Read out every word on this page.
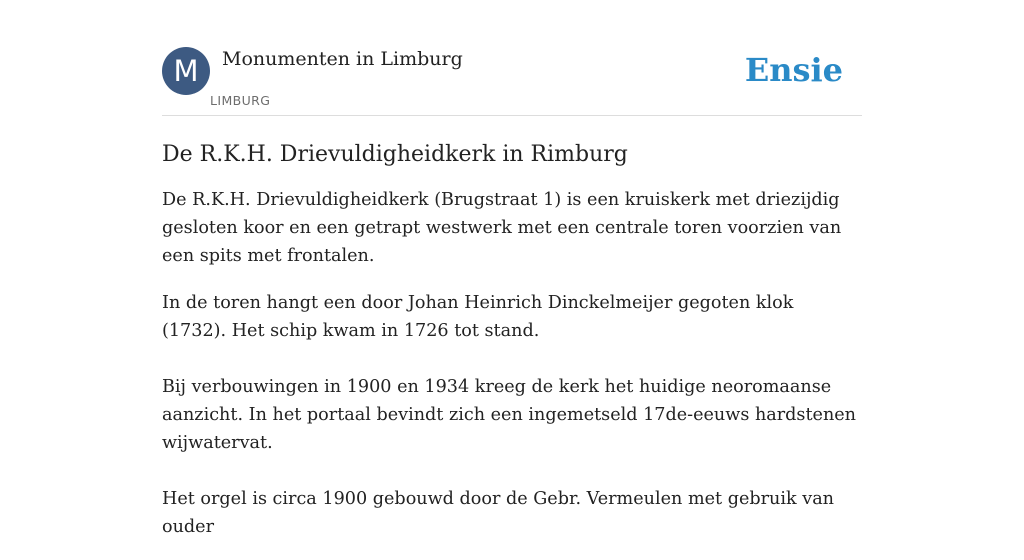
M	Monumenten in Limburg
LIMBURG
Ensie
De R.K.H. Drievuldigheidkerk in Rimburg

De R.K.H. Drievuldigheidkerk (Brugstraat 1) is een kruiskerk met driezijdig gesloten koor en een getrapt westwerk met een centrale toren voorzien van een spits met frontalen.

In de toren hangt een door Johan Heinrich Dinckelmeijer gegoten klok (1732). Het schip kwam in 1726 tot stand.

Bij verbouwingen in 1900 en 1934 kreeg de kerk het huidige neoromaanse aanzicht. In het portaal bevindt zich een ingemetseld 17de-eeuws hardstenen wijwatervat.

Het orgel is circa 1900 gebouwd door de Gebr. Vermeulen met gebruik van ouder
